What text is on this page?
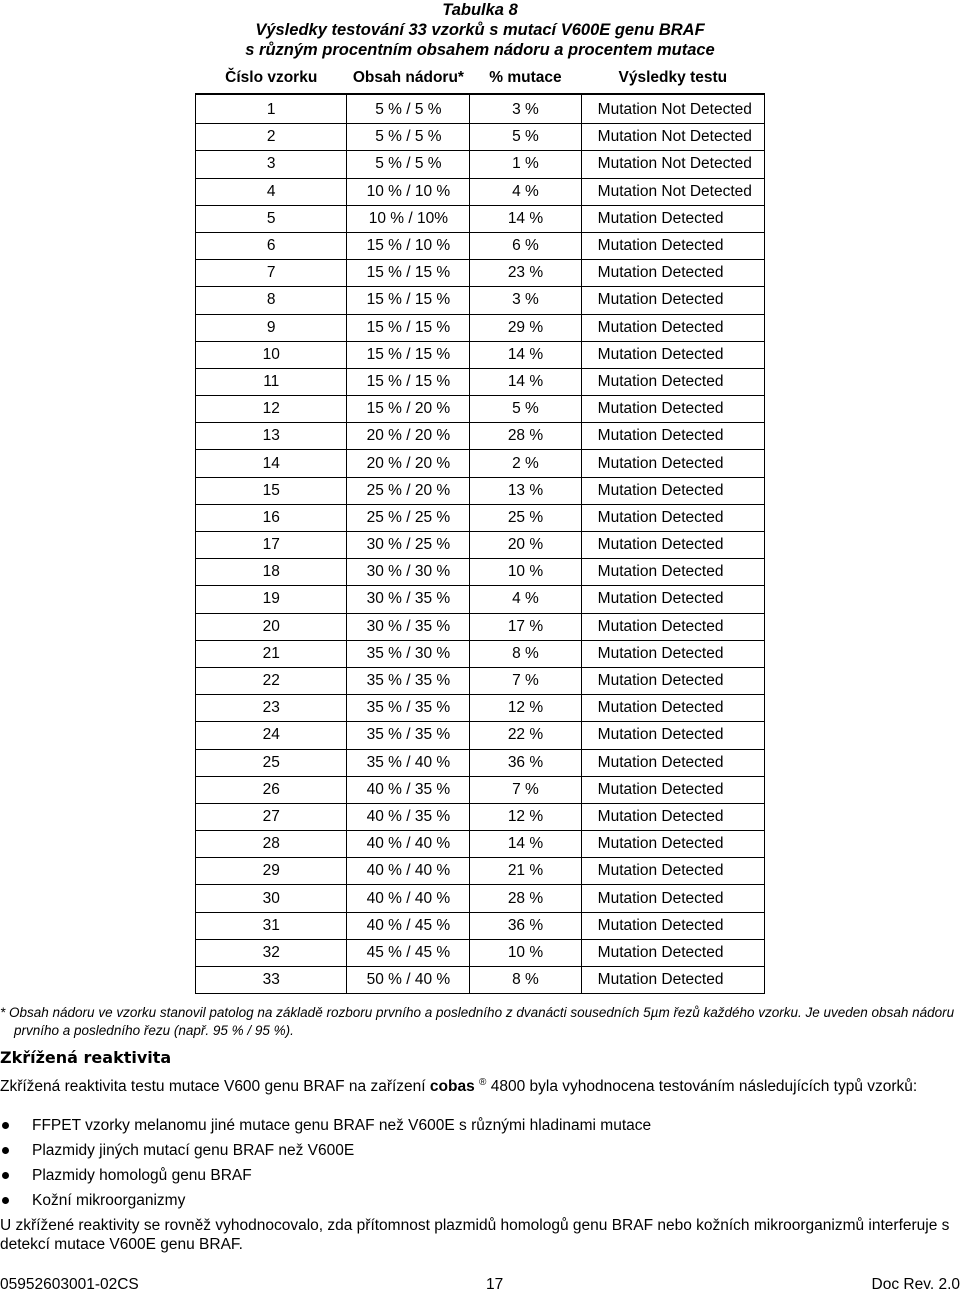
Tabulka 8
Výsledky testování 33 vzorků s mutací V600E genu BRAF
s různým procentním obsahem nádoru a procentem mutace
Číslo vzorku	Obsah nádoru*	% mutace	Výsledky testu
1	5 % / 5 %	3 %	Mutation Not Detected
2	5 % / 5 %	5 %	Mutation Not Detected
3	5 % / 5 %	1 %	Mutation Not Detected
4	10 % / 10 %	4 %	Mutation Not Detected
5	10 % / 10%	14 %	Mutation Detected
6	15 % / 10 %	6 %	Mutation Detected
7	15 % / 15 %	23 %	Mutation Detected
8	15 % / 15 %	3 %	Mutation Detected
9	15 % / 15 %	29 %	Mutation Detected
10	15 % / 15 %	14 %	Mutation Detected
11	15 % / 15 %	14 %	Mutation Detected
12	15 % / 20 %	5 %	Mutation Detected
13	20 % / 20 %	28 %	Mutation Detected
14	20 % / 20 %	2 %	Mutation Detected
15	25 % / 20 %	13 %	Mutation Detected
16	25 % / 25 %	25 %	Mutation Detected
17	30 % / 25 %	20 %	Mutation Detected
18	30 % / 30 %	10 %	Mutation Detected
19	30 % / 35 %	4 %	Mutation Detected
20	30 % / 35 %	17 %	Mutation Detected
21	35 % / 30 %	8 %	Mutation Detected
22	35 % / 35 %	7 %	Mutation Detected
23	35 % / 35 %	12 %	Mutation Detected
24	35 % / 35 %	22 %	Mutation Detected
25	35 % / 40 %	36 %	Mutation Detected
26	40 % / 35 %	7 %	Mutation Detected
27	40 % / 35 %	12 %	Mutation Detected
28	40 % / 40 %	14 %	Mutation Detected
29	40 % / 40 %	21 %	Mutation Detected
30	40 % / 40 %	28 %	Mutation Detected
31	40 % / 45 %	36 %	Mutation Detected
32	45 % / 45 %	10 %	Mutation Detected
33	50 % / 40 %	8 %	Mutation Detected
* Obsah nádoru ve vzorku stanovil patolog na základě rozboru prvního a posledního z dvanácti sousedních 5µm řezů každého vzorku. Je uveden obsah nádoru prvního a posledního řezu (např. 95 % / 95 %).
Zkřížená reaktivita
Zkřížená reaktivita testu mutace V600 genu BRAF na zařízení cobas ® 4800 byla vyhodnocena testováním následujících typů vzorků:
FFPET vzorky melanomu jiné mutace genu BRAF než V600E s různými hladinami mutace
Plazmidy jiných mutací genu BRAF než V600E
Plazmidy homologů genu BRAF
Kožní mikroorganizmy
U zkřížené reaktivity se rovněž vyhodnocovalo, zda přítomnost plazmidů homologů genu BRAF nebo kožních mikroorganizmů interferuje s detekcí mutace V600E genu BRAF.
05952603001-02CS	17	Doc Rev. 2.0
